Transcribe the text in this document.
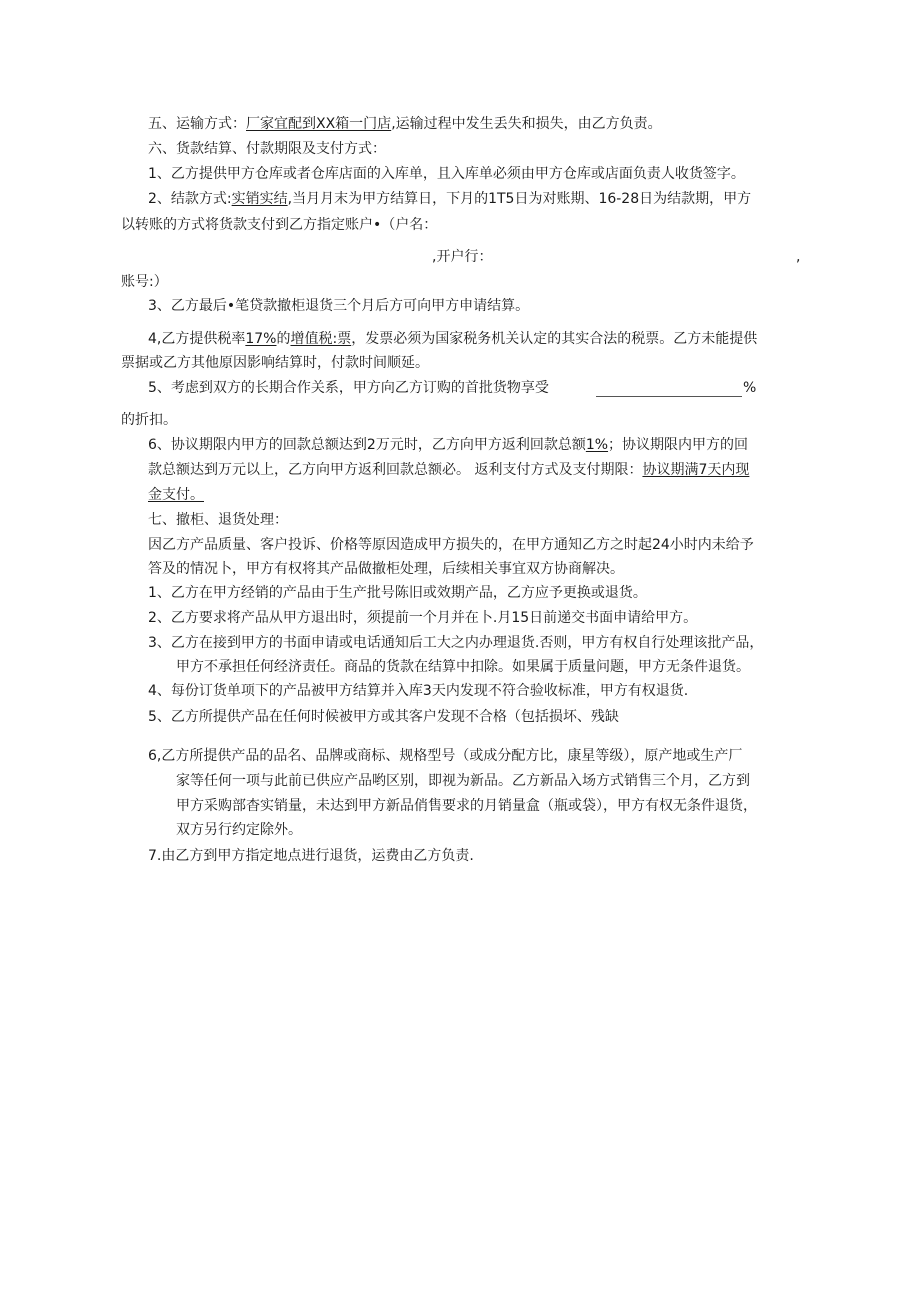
五、运输方式：厂家宜配到XX箱一门店,运输过程中发生丢失和损失，由乙方负责。
六、货款结算、付款期限及支付方式：
1、乙方提供甲方仓库或者仓库店面的入库单，且入库单必须由甲方仓库或店面负责人收货签字。
2、结款方式:实销实结,当月月末为甲方结算日，下月的1T5日为对账期、16-28日为结款期，甲方
以转账的方式将货款支付到乙方指定账户•（户名：
,开户行：	,
账号:）
3、乙方最后•笔贷款撤柜退货三个月后方可向甲方申请结算。
4,乙方提供税率17%的增值税:票，发票必须为国家税务机关认定的其实合法的税票。乙方未能提供
票据或乙方其他原因影响结算时，付款时间顺延。
5、考虑到双方的长期合作关系，甲方向乙方订购的首批货物享受	%
的折扣。
6、协议期限内甲方的回款总额达到2万元时，乙方向甲方返利回款总额1%；协议期限内甲方的回
款总额达到万元以上，乙方向甲方返利回款总额必。 返利支付方式及支付期限：协议期满7天内现
金支付。
七、撤柜、退货处理：
因乙方产品质量、客户投诉、价格等原因造成甲方损失的，在甲方通知乙方之时起24小时内未给予
答及的情况卜，甲方有权将其产品做撤柜处理，后续相关事宜双方协商解决。
1、乙方在甲方经销的产品由于生产批号陈旧或效期产品，乙方应予更换或退货。
2、乙方要求将产品从甲方退出时，须提前一个月并在卜.月15日前递交书面申请给甲方。
3、乙方在接到甲方的书面申请或电话通知后工大之内办理退货.否则，甲方有权自行处理该批产品，
甲方不承担任何经济责任。商品的货款在结算中扣除。如果属于质量问题，甲方无条件退货。
4、每份订货单项下的产品被甲方结算并入库3天内发现不符合验收标准，甲方有权退货.
5、乙方所提供产品在任何时候被甲方或其客户发现不合格（包括损坏、残缺
6,乙方所提供产品的品名、品牌或商标、规格型号（或成分配方比，康星等级），原产地或生产厂
家等任何一项与此前已供应产品哟区别，即视为新品。乙方新品入场方式销售三个月，乙方到
甲方采购部杳实销量，未达到甲方新品俏售要求的月销量盒（瓶或袋），甲方有权无条件退货，
双方另行约定除外。
7.由乙方到甲方指定地点进行退货，运费由乙方负责.
